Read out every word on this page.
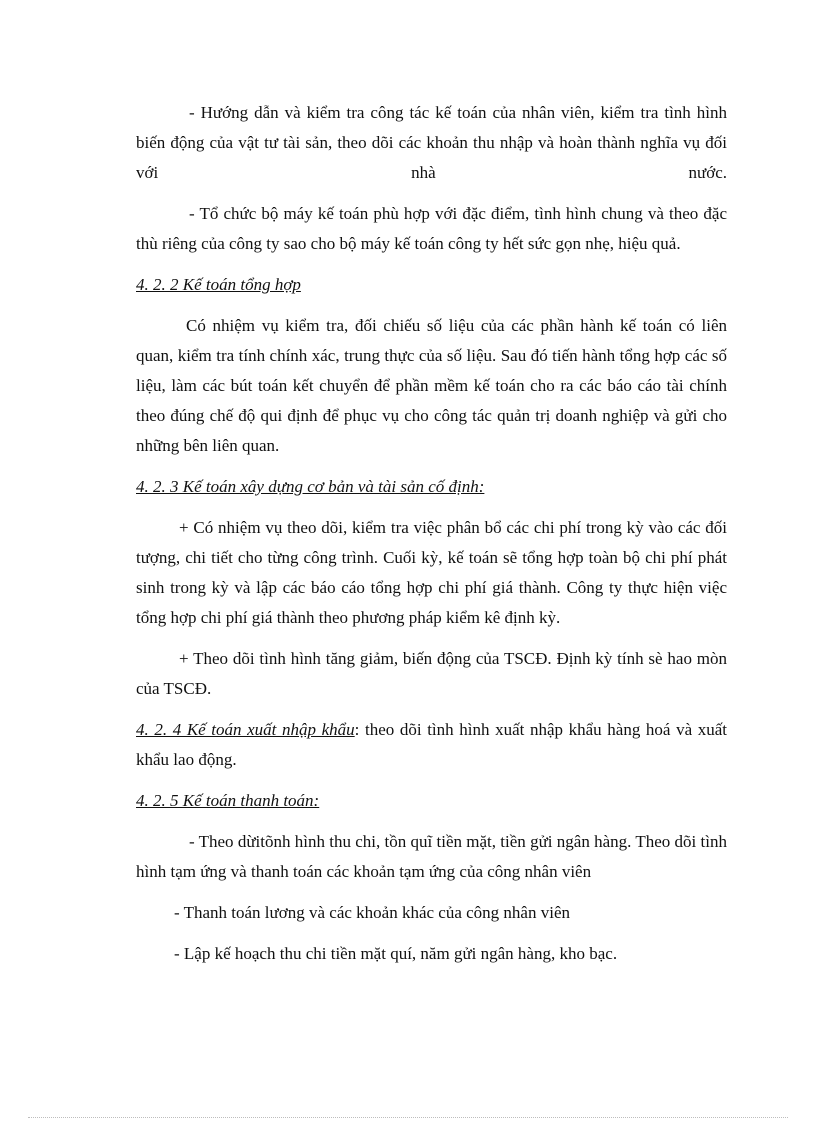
- Hướng dẫn và kiểm tra công tác kế toán của nhân viên, kiểm tra tình hình biến động của vật tư tài sản, theo dõi các khoản thu nhập và hoàn thành nghĩa vụ đối với nhà nước.

- Tổ chức bộ máy kế toán phù hợp với đặc điểm, tình hình chung và theo đặc thù riêng của công ty sao cho bộ máy kế toán công ty hết sức gọn nhẹ, hiệu quả.

4. 2. 2 Kế toán tổng hợp

Có nhiệm vụ kiểm tra, đối chiếu số liệu của các phần hành kế toán có liên quan, kiểm tra tính chính xác, trung thực của số liệu. Sau đó tiến hành tổng hợp các số liệu, làm các bút toán kết chuyển để phần mềm kế toán cho ra các báo cáo tài chính theo đúng chế độ qui định để phục vụ cho công tác quản trị doanh nghiệp và gửi cho những bên liên quan.

4. 2. 3 Kế toán xây dựng cơ bản và tài sản cố định:

+ Có nhiệm vụ theo dõi, kiểm tra việc phân bổ các chi phí trong kỳ vào các đối tượng, chi tiết cho từng công trình. Cuối kỳ, kế toán sẽ tổng hợp toàn bộ chi phí phát sinh trong kỳ và lập các báo cáo tổng hợp chi phí giá thành. Công ty thực hiện việc tổng hợp chi phí giá thành theo phương pháp kiểm kê định kỳ.

+ Theo dõi tình hình tăng giảm, biến động của TSCĐ. Định kỳ tính sè hao mòn của TSCĐ.

4. 2. 4 Kế toán xuất nhập khẩu: theo dõi tình hình xuất nhập khẩu hàng hoá và xuất khẩu lao động.

4. 2. 5 Kế toán thanh toán:

- Theo dừitõnh hình thu chi, tồn quĩ tiền mặt, tiền gửi ngân hàng. Theo dõi tình hình tạm ứng và thanh toán các khoản tạm ứng của công nhân viên

- Thanh toán lương và các khoản khác của công nhân viên

- Lập kế hoạch thu chi tiền mặt quí, năm gửi ngân hàng, kho bạc.
